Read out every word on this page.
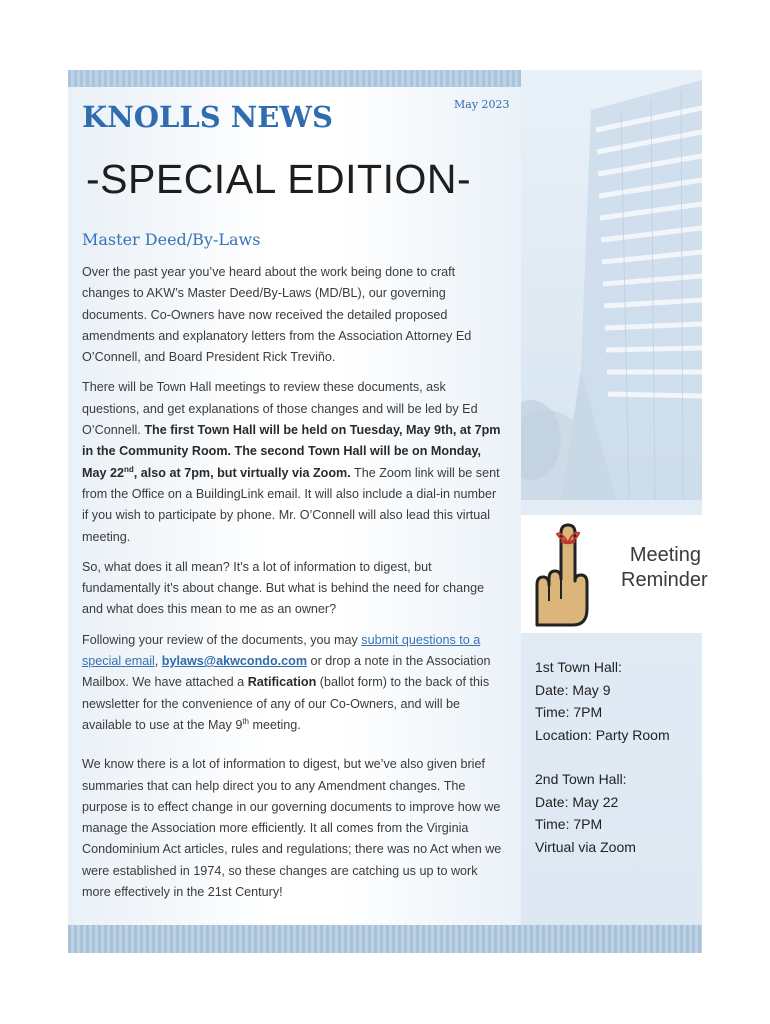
KNOLLS NEWS	May 2023
-SPECIAL EDITION-
Master Deed/By-Laws

Over the past year you’ve heard about the work being done to craft changes to AKW’s Master Deed/By-Laws (MD/BL), our governing documents. Co-Owners have now received the detailed proposed amendments and explanatory letters from the Association Attorney Ed O’Connell, and Board President Rick Treviño.

There will be Town Hall meetings to review these documents, ask questions, and get explanations of those changes and will be led by Ed O’Connell. The first Town Hall will be held on Tuesday, May 9th, at 7pm in the Community Room. The second Town Hall will be on Monday, May 22nd, also at 7pm, but virtually via Zoom. The Zoom link will be sent from the Office on a BuildingLink email. It will also include a dial-in number if you wish to participate by phone. Mr. O’Connell will also lead this virtual meeting.

So, what does it all mean? It's a lot of information to digest, but fundamentally it's about change. But what is behind the need for change and what does this mean to me as an owner?

Following your review of the documents, you may submit questions to a special email, bylaws@akwcondo.com or drop a note in the Association Mailbox. We have attached a Ratification (ballot form) to the back of this newsletter for the convenience of any of our Co-Owners, and will be available to use at the May 9th meeting.

We know there is a lot of information to digest, but we’ve also given brief summaries that can help direct you to any Amendment changes. The purpose is to effect change in our governing documents to improve how we manage the Association more efficiently. It all comes from the Virginia Condominium Act articles, rules and regulations; there was no Act when we were established in 1974, so these changes are catching us up to work more effectively in the 21st Century!

Meeting
Reminder
1st Town Hall:
Date: May 9
Time: 7PM
Location: Party Room
2nd Town Hall:
Date: May 22
Time: 7PM
Virtual via Zoom
